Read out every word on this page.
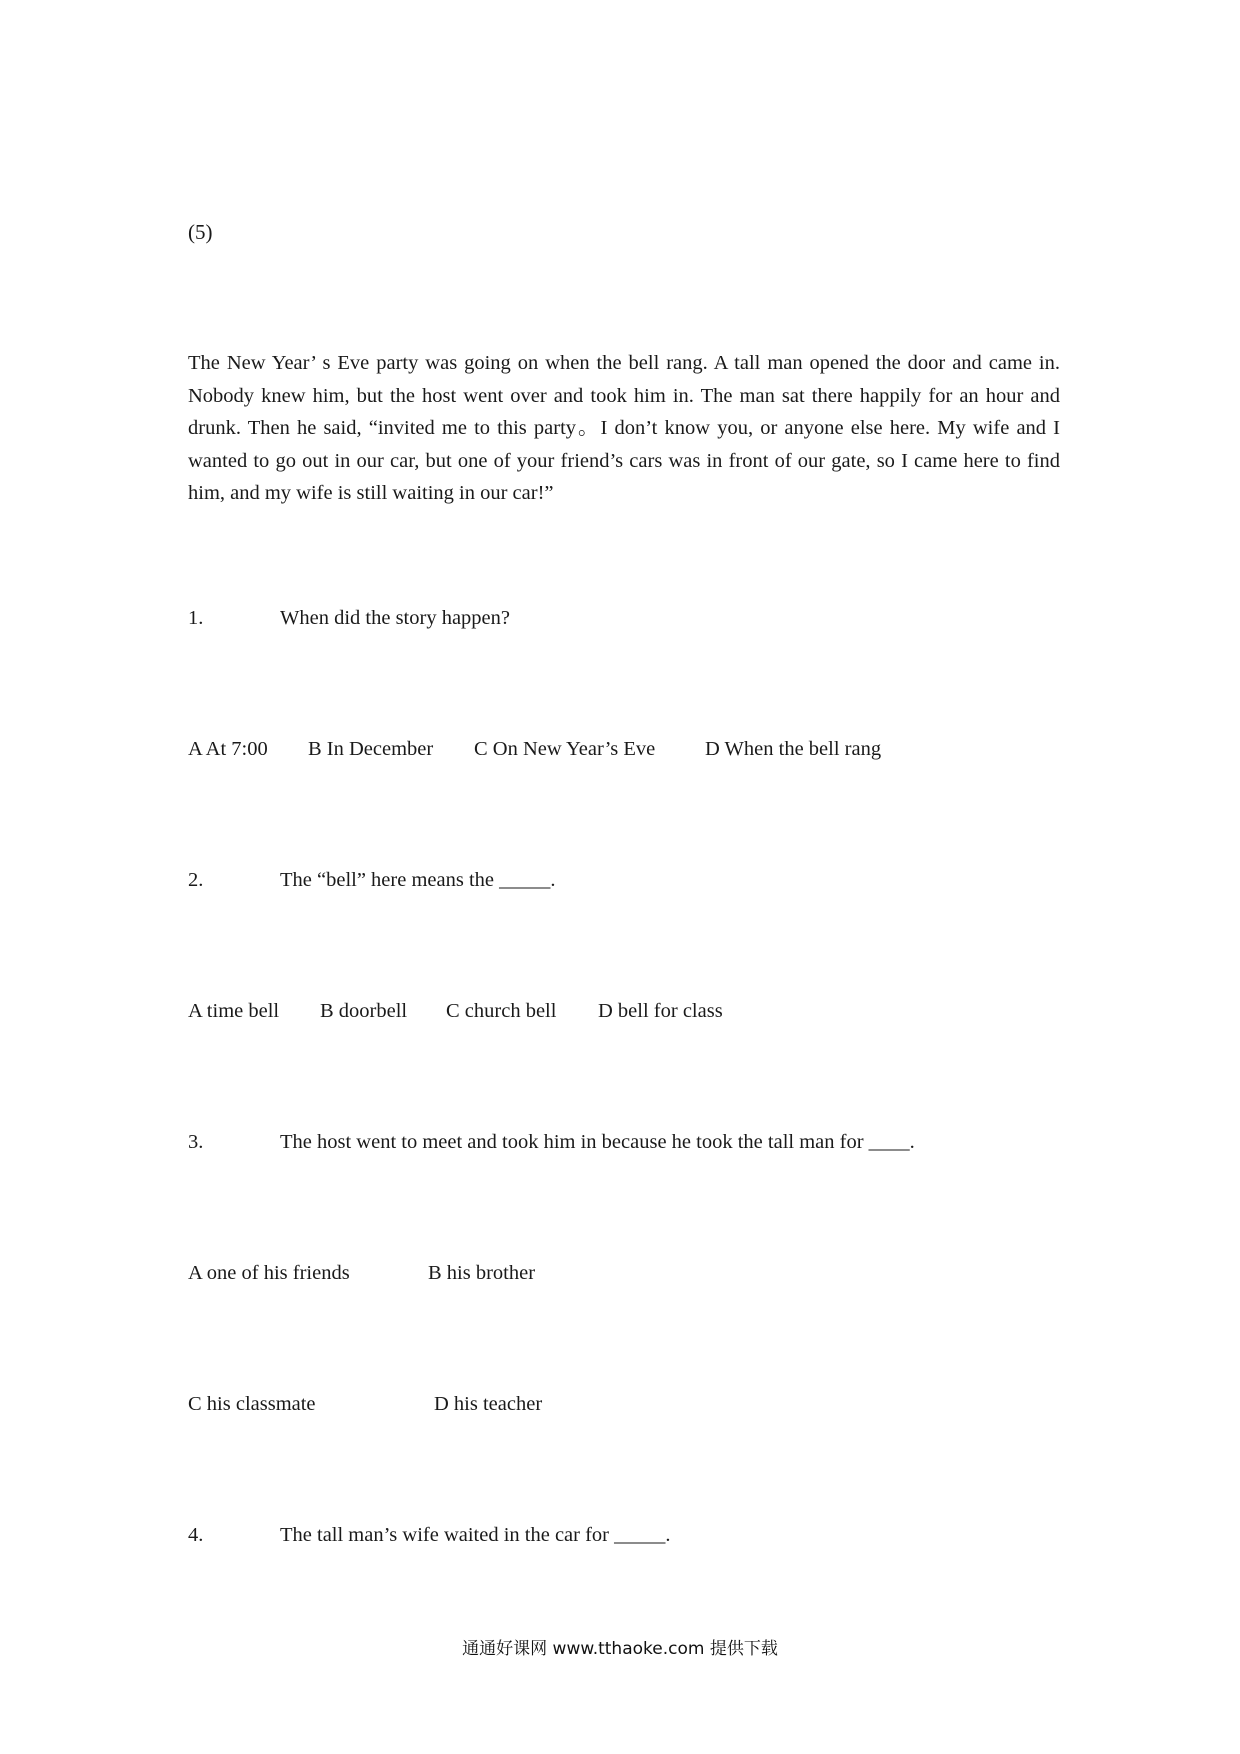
(5)

The New Year’ s Eve party was going on when the bell rang. A tall man opened the door and came in. Nobody knew him, but the host went over and took him in. The man sat there happily for an hour and drunk. Then he said, “invited me to this party。I don’t know you, or anyone else here. My wife and I wanted to go out in our car, but one of your friend’s cars was in front of our gate, so I came here to find him, and my wife is still waiting in our car!”

1.	When did the story happen?
A At 7:00 B In December C On New Year’s Eve D When the bell rang
2.	The “bell” here means the _____.
A time bell B doorbell C church bell D bell for class
3.	The host went to meet and took him in because he took the tall man for ____.
A one of his friends	B his brother
C his classmate	D his teacher
4.	The tall man’s wife waited in the car for _____.
通通好课网 www.tthaoke.com 提供下载
